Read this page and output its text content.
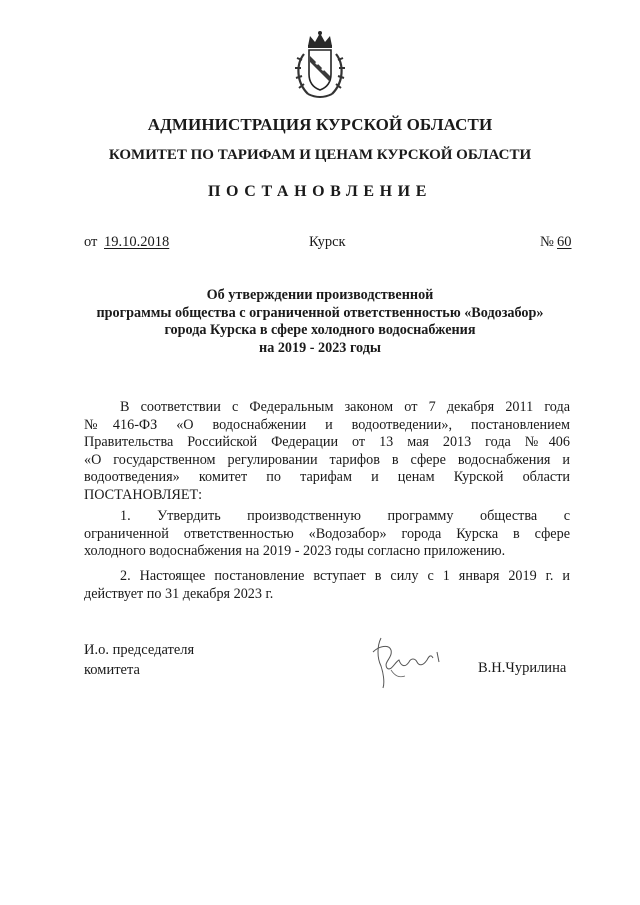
АДМИНИСТРАЦИЯ КУРСКОЙ ОБЛАСТИ
КОМИТЕТ ПО ТАРИФАМ И ЦЕНАМ КУРСКОЙ ОБЛАСТИ
ПОСТАНОВЛЕНИЕ
от 19.10.2018	Курск	№ 60
Об утверждении производственной
программы общества с ограниченной ответственностью «Водозабор»
города Курска в сфере холодного водоснабжения
на 2019 - 2023 годы
В соответствии с Федеральным законом от 7 декабря 2011 года
№416-ФЗ «О водоснабжении и водоотведении», постановлением
Правительства Российской Федерации от 13 мая 2013 года №406
«О государственном регулировании тарифов в сфере водоснабжения и
водоотведения» комитет по тарифам и ценам Курской области
ПОСТАНОВЛЯЕТ:
1. Утвердить производственную программу общества с
ограниченной ответственностью «Водозабор» города Курска в сфере
холодного водоснабжения на 2019 - 2023 годы согласно приложению.
2. Настоящее постановление вступает в силу с 1 января 2019 г. и
действует по 31 декабря 2023 г.
И.о. председателя
комитета	В.Н.Чурилина
